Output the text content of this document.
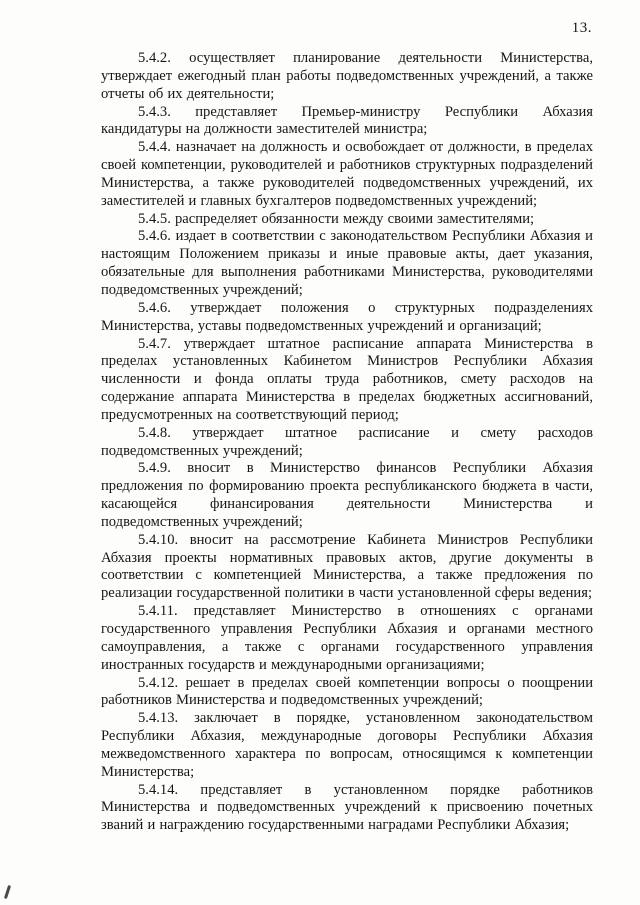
13.

5.4.2. осуществляет планирование деятельности Министерства, утверждает ежегодный план работы подведомственных учреждений, а также отчеты об их деятельности;

5.4.3. представляет Премьер-министру Республики Абхазия кандидатуры на должности заместителей министра;

5.4.4. назначает на должность и освобождает от должности, в пределах своей компетенции, руководителей и работников структурных подразделений Министерства, а также руководителей подведомственных учреждений, их заместителей и главных бухгалтеров подведомственных учреждений;

5.4.5. распределяет обязанности между своими заместителями;

5.4.6. издает в соответствии с законодательством Республики Абхазия и настоящим Положением приказы и иные правовые акты, дает указания, обязательные для выполнения работниками Министерства, руководителями подведомственных учреждений;

5.4.6. утверждает положения о структурных подразделениях Министерства, уставы подведомственных учреждений и организаций;

5.4.7. утверждает штатное расписание аппарата Министерства в пределах установленных Кабинетом Министров Республики Абхазия численности и фонда оплаты труда работников, смету расходов на содержание аппарата Министерства в пределах бюджетных ассигнований, предусмотренных на соответствующий период;

5.4.8. утверждает штатное расписание и смету расходов подведомственных учреждений;

5.4.9. вносит в Министерство финансов Республики Абхазия предложения по формированию проекта республиканского бюджета в части, касающейся финансирования деятельности Министерства и подведомственных учреждений;

5.4.10. вносит на рассмотрение Кабинета Министров Республики Абхазия проекты нормативных правовых актов, другие документы в соответствии с компетенцией Министерства, а также предложения по реализации государственной политики в части установленной сферы ведения;

5.4.11. представляет Министерство в отношениях с органами государственного управления Республики Абхазия и органами местного самоуправления, а также с органами государственного управления иностранных государств и международными организациями;

5.4.12. решает в пределах своей компетенции вопросы о поощрении работников Министерства и подведомственных учреждений;

5.4.13. заключает в порядке, установленном законодательством Республики Абхазия, международные договоры Республики Абхазия межведомственного характера по вопросам, относящимся к компетенции Министерства;

5.4.14. представляет в установленном порядке работников Министерства и подведомственных учреждений к присвоению почетных званий и награждению государственными наградами Республики Абхазия;
